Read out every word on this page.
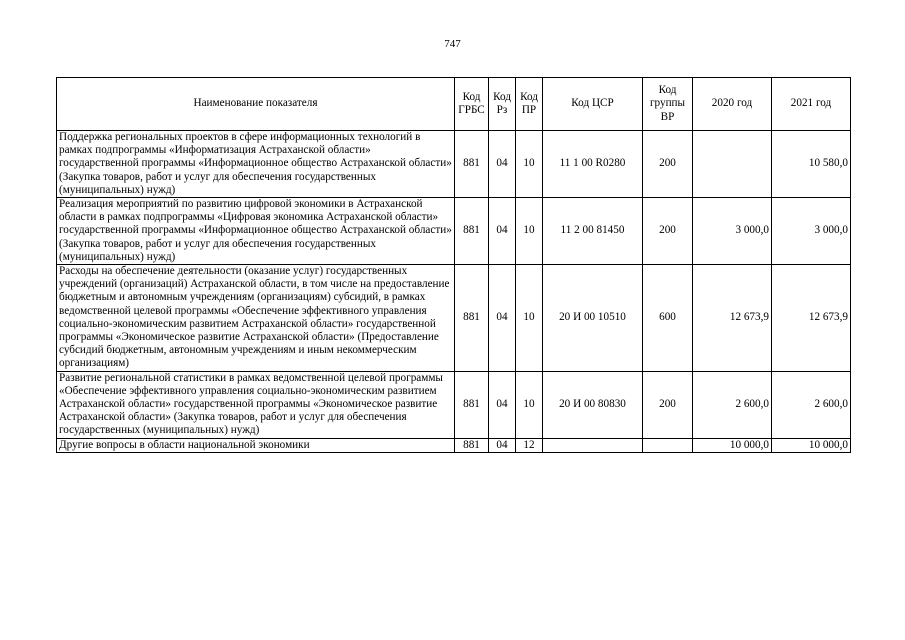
747
Наименование показателя	Код ГРБС	Код Рз	Код ПР	Код ЦСР	Код группы ВР	2020 год	2021 год
Поддержка региональных проектов в сфере информационных технологий в рамках подпрограммы «Информатизация Астраханской области» государственной программы «Информационное общество Астраханской области» (Закупка товаров, работ и услуг для обеспечения государственных (муниципальных) нужд)	881	04	10	11 1 00 R0280	200		10 580,0
Реализация мероприятий по развитию цифровой экономики в Астраханской области в рамках подпрограммы «Цифровая экономика Астраханской области» государственной программы «Информационное общество Астраханской области» (Закупка товаров, работ и услуг для обеспечения государственных (муниципальных) нужд)	881	04	10	11 2 00 81450	200	3 000,0	3 000,0
Расходы на обеспечение деятельности (оказание услуг) государственных учреждений (организаций) Астраханской области, в том числе на предоставление бюджетным и автономным учреждениям (организациям) субсидий, в рамках ведомственной целевой программы «Обеспечение эффективного управления социально-экономическим развитием Астраханской области» государственной программы «Экономическое развитие Астраханской области» (Предоставление субсидий бюджетным, автономным учреждениям и иным некоммерческим организациям)	881	04	10	20 И 00 10510	600	12 673,9	12 673,9
Развитие региональной статистики в рамках ведомственной целевой программы «Обеспечение эффективного управления социально-экономическим развитием Астраханской области» государственной программы «Экономическое развитие Астраханской области» (Закупка товаров, работ и услуг для обеспечения государственных (муниципальных) нужд)	881	04	10	20 И 00 80830	200	2 600,0	2 600,0
Другие вопросы в области национальной экономики	881	04	12			10 000,0	10 000,0
